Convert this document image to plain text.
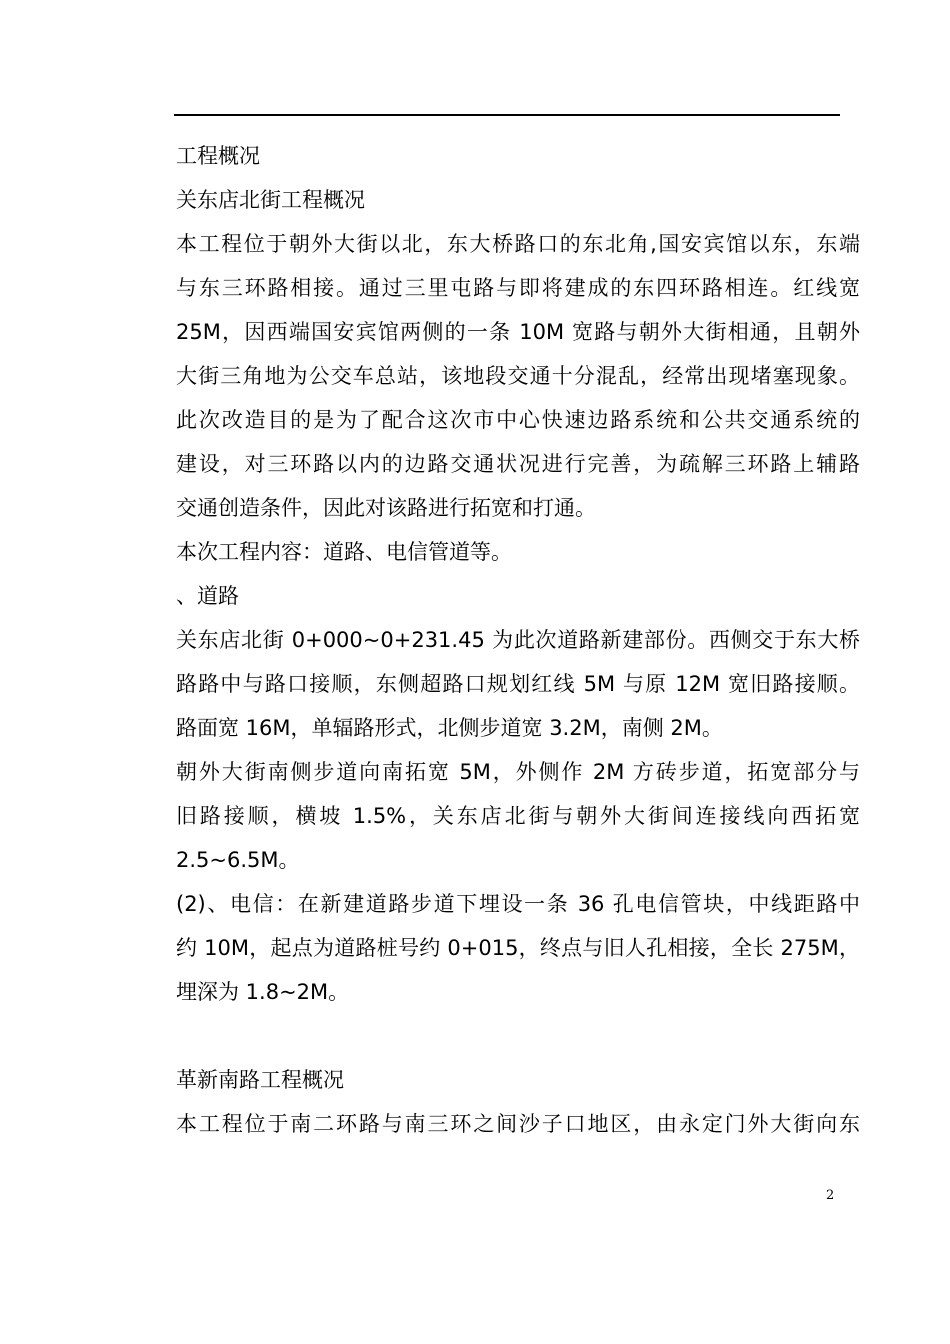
工程概况
关东店北街工程概况
本工程位于朝外大街以北，东大桥路口的东北角,国安宾馆以东，东端
与东三环路相接。通过三里屯路与即将建成的东四环路相连。红线宽
25M，因西端国安宾馆两侧的一条 10M 宽路与朝外大街相通，且朝外
大街三角地为公交车总站，该地段交通十分混乱，经常出现堵塞现象。
此次改造目的是为了配合这次市中心快速边路系统和公共交通系统的
建设，对三环路以内的边路交通状况进行完善，为疏解三环路上辅路
交通创造条件，因此对该路进行拓宽和打通。
本次工程内容：道路、电信管道等。
、道路
关东店北街 0+000~0+231.45 为此次道路新建部份。西侧交于东大桥
路路中与路口接顺，东侧超路口规划红线 5M 与原 12M 宽旧路接顺。
路面宽 16M，单辐路形式，北侧步道宽 3.2M，南侧 2M。
朝外大街南侧步道向南拓宽 5M，外侧作 2M 方砖步道，拓宽部分与
旧路接顺，横坡 1.5%，关东店北街与朝外大街间连接线向西拓宽
2.5~6.5M。
(2)、电信：在新建道路步道下埋设一条 36 孔电信管块，中线距路中
约 10M，起点为道路桩号约 0+015，终点与旧人孔相接，全长 275M，
埋深为 1.8~2M。
革新南路工程概况
本工程位于南二环路与南三环之间沙子口地区，由永定门外大街向东
2
